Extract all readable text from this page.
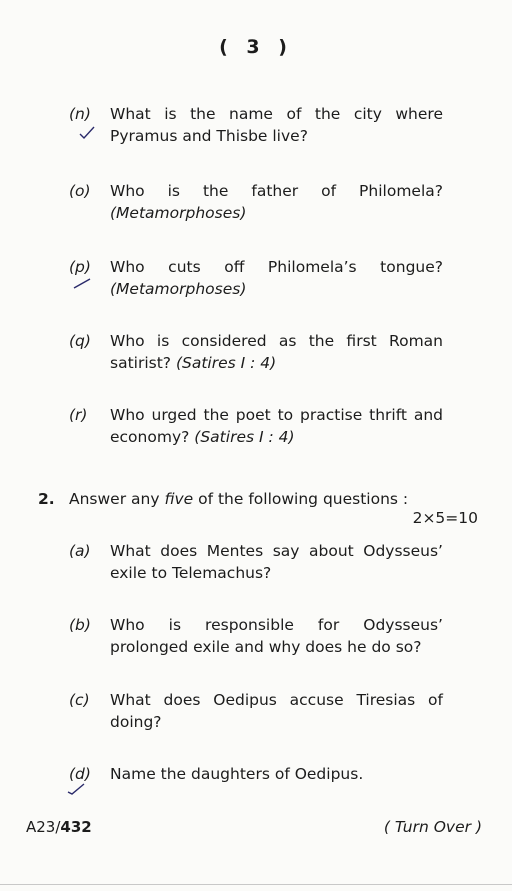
( 3 )
(n) What is the name of the city where Pyramus and Thisbe live?
(o) Who is the father of Philomela?
(Metamorphoses)
(p) Who cuts off Philomela’s tongue?
(Metamorphoses)
(q) Who is considered as the first Roman satirist? (Satires I : 4)
(r) Who urged the poet to practise thrift and economy? (Satires I : 4)
2. Answer any five of the following questions :
2×5=10
(a) What does Mentes say about Odysseus’ exile to Telemachus?
(b) Who is responsible for Odysseus’ prolonged exile and why does he do so?
(c) What does Oedipus accuse Tiresias of doing?
(d) Name the daughters of Oedipus.
A23/432	( Turn Over )
